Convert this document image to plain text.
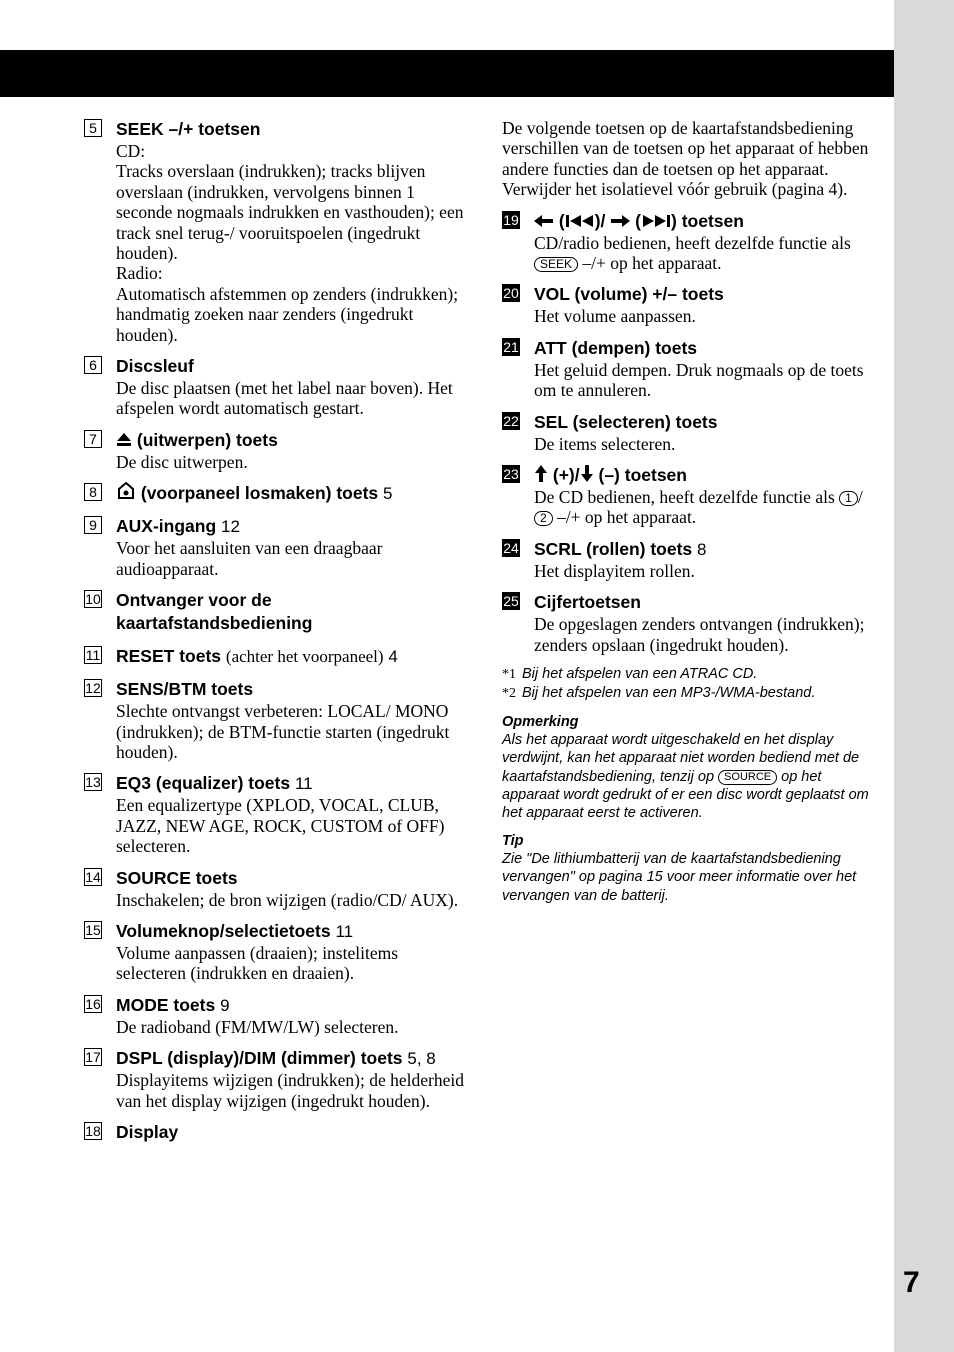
7
5 SEEK –/+ toetsen
CD:
Tracks overslaan (indrukken); tracks blijven overslaan (indrukken, vervolgens binnen 1 seconde nogmaals indrukken en vasthouden); een track snel terug-/ vooruitspoelen (ingedrukt houden).
Radio:
Automatisch afstemmen op zenders (indrukken); handmatig zoeken naar zenders (ingedrukt houden).
6 Discsleuf
De disc plaatsen (met het label naar boven). Het afspelen wordt automatisch gestart.
7	(uitwerpen) toets
De disc uitwerpen.
8	(voorpaneel losmaken) toets 5
9 AUX-ingang 12
Voor het aansluiten van een draagbaar audioapparaat.
10 Ontvanger voor de kaartafstandsbediening
11 RESET toets (achter het voorpaneel) 4
12 SENS/BTM toets
Slechte ontvangst verbeteren: LOCAL/ MONO (indrukken); de BTM-functie starten (ingedrukt houden).
13 EQ3 (equalizer) toets 11
Een equalizertype (XPLOD, VOCAL, CLUB, JAZZ, NEW AGE, ROCK, CUSTOM of OFF) selecteren.
14 SOURCE toets
Inschakelen; de bron wijzigen (radio/CD/ AUX).
15 Volumeknop/selectietoets 11
Volume aanpassen (draaien); instelitems selecteren (indrukken en draaien).
16 MODE toets 9
De radioband (FM/MW/LW) selecteren.
17 DSPL (display)/DIM (dimmer) toets 5, 8
Displayitems wijzigen (indrukken); de helderheid van het display wijzigen (ingedrukt houden).
18 Display
De volgende toetsen op de kaartafstandsbediening verschillen van de toetsen op het apparaat of hebben andere functies dan de toetsen op het apparaat. Verwijder het isolatievel vóór gebruik (pagina 4).
19	( )/ ( ) toetsen
CD/radio bedienen, heeft dezelfde functie als SEEK –/+ op het apparaat.
20 VOL (volume) +/– toets
Het volume aanpassen.
21 ATT (dempen) toets
Het geluid dempen. Druk nogmaals op de toets om te annuleren.
22 SEL (selecteren) toets
De items selecteren.
23	(+)/ (–) toetsen
De CD bedienen, heeft dezelfde functie als 1 /2 –/+ op het apparaat.
24 SCRL (rollen) toets 8
Het displayitem rollen.
25 Cijfertoetsen
De opgeslagen zenders ontvangen (indrukken); zenders opslaan (ingedrukt houden).
*1 Bij het afspelen van een ATRAC CD.
*2 Bij het afspelen van een MP3-/WMA-bestand.
Opmerking
Als het apparaat wordt uitgeschakeld en het display verdwijnt, kan het apparaat niet worden bediend met de kaartafstandsbediening, tenzij op SOURCE op het apparaat wordt gedrukt of er een disc wordt geplaatst om het apparaat eerst te activeren.
Tip
Zie "De lithiumbatterij van de kaartafstandsbediening vervangen" op pagina 15 voor meer informatie over het vervangen van de batterij.
